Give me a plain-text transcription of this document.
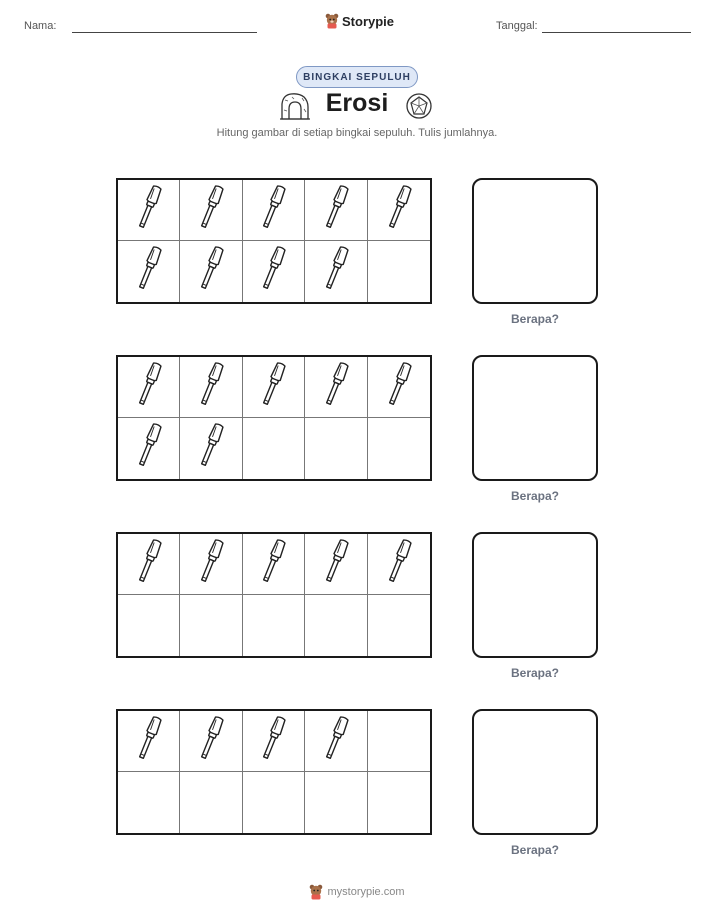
Nama:	Storypie	Tanggal:
BINGKAI SEPULUH
Erosi
Hitung gambar di setiap bingkai sepuluh. Tulis jumlahnya.
Berapa?
Berapa?
Berapa?
Berapa?
mystorypie.com
